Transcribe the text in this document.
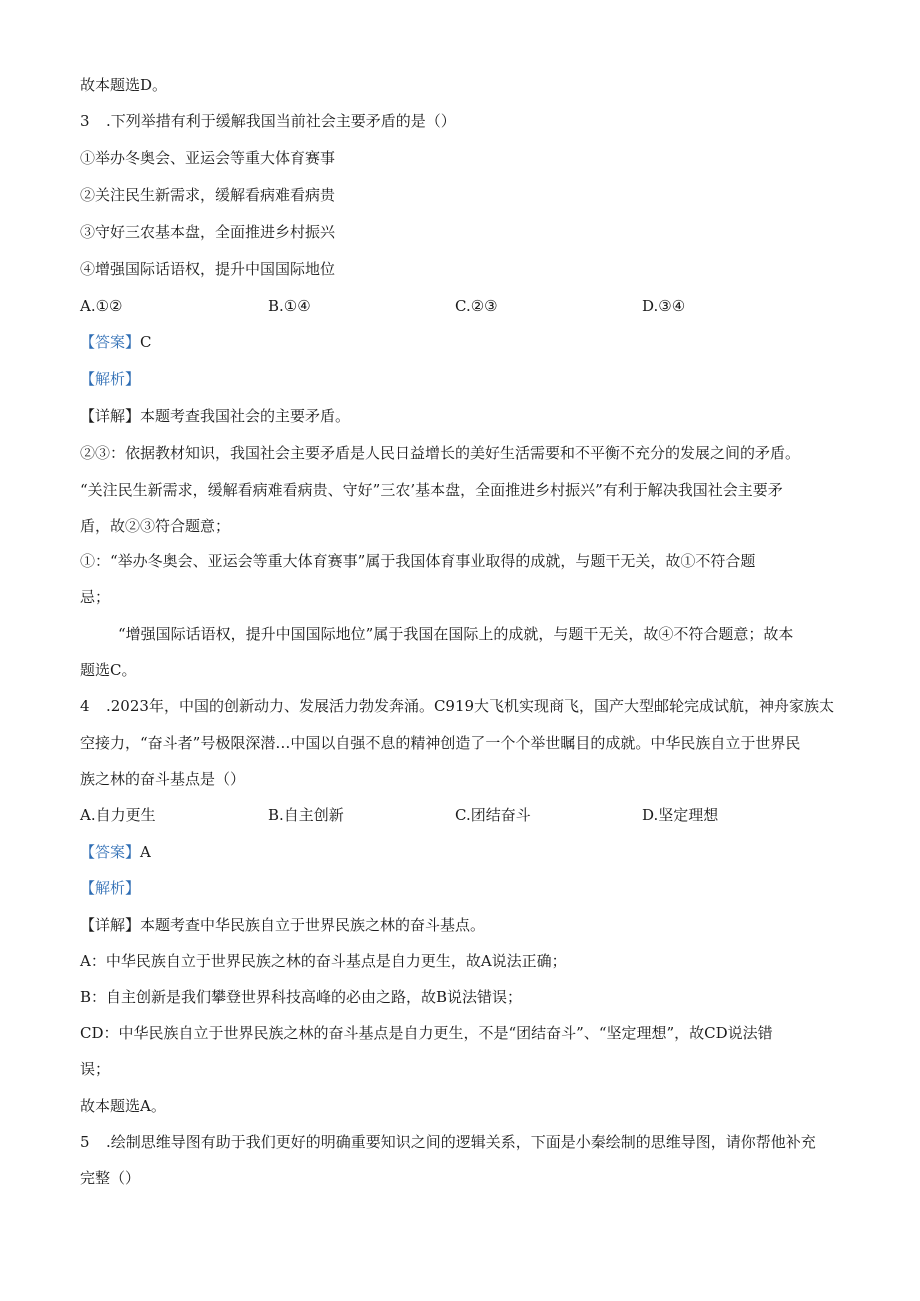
故本题选D。
3 .下列举措有利于缓解我国当前社会主要矛盾的是（）
①举办冬奥会、亚运会等重大体育赛事
②关注民生新需求，缓解看病难看病贵
③守好三农基本盘，全面推进乡村振兴
④增强国际话语权，提升中国国际地位
A.①②	B.①④	C.②③	D.③④
【答案】C
【解析】
【详解】本题考查我国社会的主要矛盾。
②③：依据教材知识，我国社会主要矛盾是人民日益增长的美好生活需要和不平衡不充分的发展之间的矛盾。
“关注民生新需求，缓解看病难看病贵、守好”三农’基本盘，全面推进乡村振兴”有利于解决我国社会主要矛
盾，故②③符合题意；
①：“举办冬奥会、亚运会等重大体育赛事”属于我国体育事业取得的成就，与题干无关，故①不符合题
忌；
“增强国际话语权，提升中国国际地位”属于我国在国际上的成就，与题干无关，故④不符合题意；故本
题选C。
4 .2023年，中国的创新动力、发展活力勃发奔涌。C919大飞机实现商飞，国产大型邮轮完成试航，神舟家族太
空接力，“奋斗者”号极限深潜…中国以自强不息的精神创造了一个个举世瞩目的成就。中华民族自立于世界民
族之林的奋斗基点是（）
A.自力更生	B.自主创新	C.团结奋斗	D.坚定理想
【答案】A
【解析】
【详解】本题考查中华民族自立于世界民族之林的奋斗基点。
A：中华民族自立于世界民族之林的奋斗基点是自力更生，故A说法正确；
B：自主创新是我们攀登世界科技高峰的必由之路，故B说法错误；
CD：中华民族自立于世界民族之林的奋斗基点是自力更生，不是“团结奋斗”、“坚定理想”，故CD说法错
误；
故本题选A。
5 .绘制思维导图有助于我们更好的明确重要知识之间的逻辑关系，下面是小秦绘制的思维导图，请你帮他补充
完整（）
